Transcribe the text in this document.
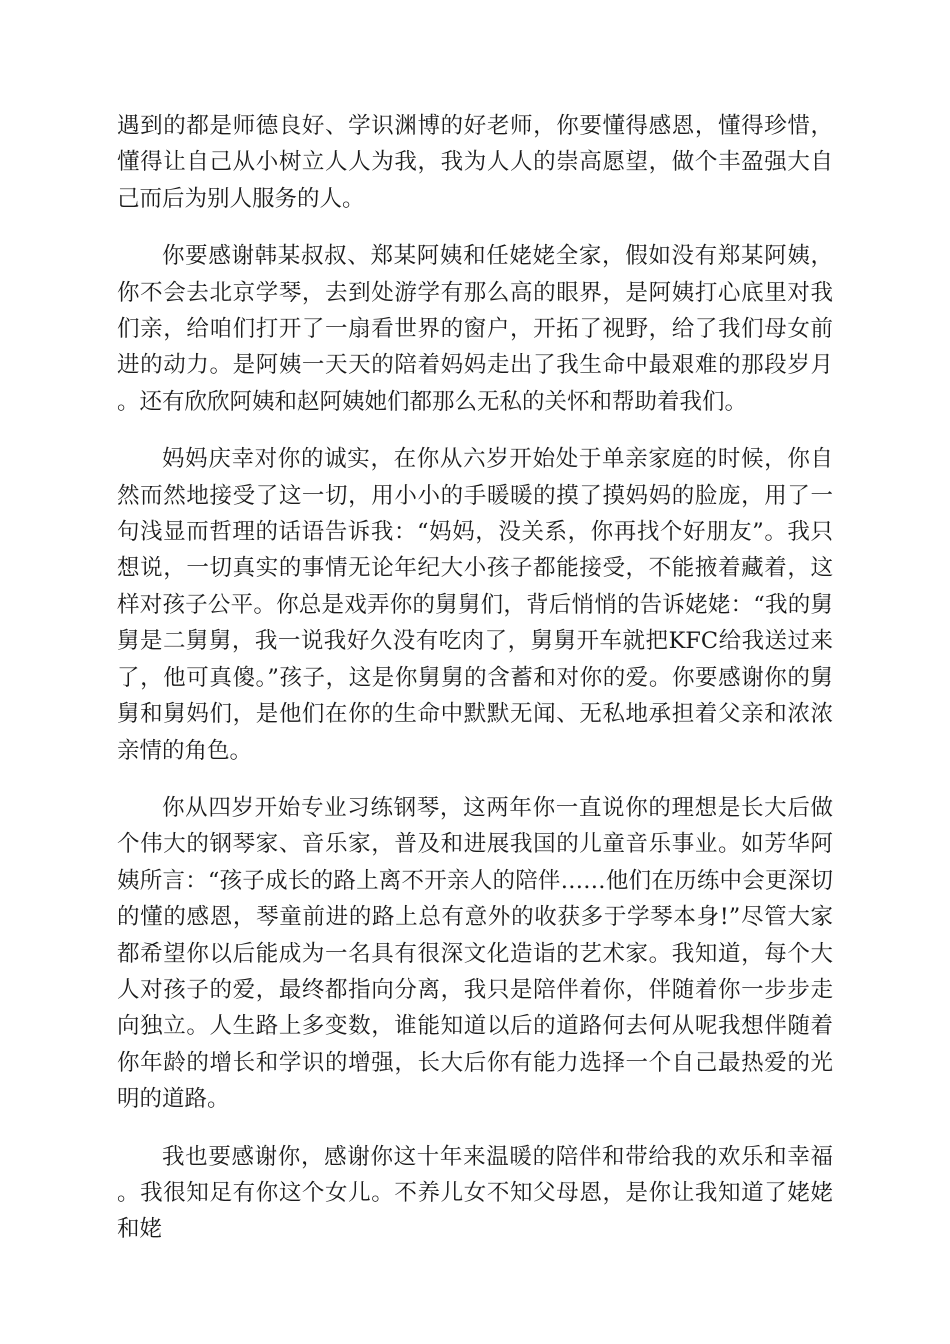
遇到的都是师德良好、学识渊博的好老师，你要懂得感恩，懂得珍惜，懂得让自己从小树立人人为我，我为人人的崇高愿望，做个丰盈强大自己而后为别人服务的人。

你要感谢韩某叔叔、郑某阿姨和任姥姥全家，假如没有郑某阿姨，你不会去北京学琴，去到处游学有那么高的眼界，是阿姨打心底里对我们亲，给咱们打开了一扇看世界的窗户，开拓了视野，给了我们母女前进的动力。是阿姨一天天的陪着妈妈走出了我生命中最艰难的那段岁月。还有欣欣阿姨和赵阿姨她们都那么无私的关怀和帮助着我们。

妈妈庆幸对你的诚实，在你从六岁开始处于单亲家庭的时候，你自然而然地接受了这一切，用小小的手暖暖的摸了摸妈妈的脸庞，用了一句浅显而哲理的话语告诉我：“妈妈，没关系，你再找个好朋友”。我只想说，一切真实的事情无论年纪大小孩子都能接受，不能掖着藏着，这样对孩子公平。你总是戏弄你的舅舅们，背后悄悄的告诉姥姥：“我的舅舅是二舅舅，我一说我好久没有吃肉了，舅舅开车就把KFC给我送过来了，他可真傻。”孩子，这是你舅舅的含蓄和对你的爱。你要感谢你的舅舅和舅妈们，是他们在你的生命中默默无闻、无私地承担着父亲和浓浓亲情的角色。

你从四岁开始专业习练钢琴，这两年你一直说你的理想是长大后做个伟大的钢琴家、音乐家，普及和进展我国的儿童音乐事业。如芳华阿姨所言：“孩子成长的路上离不开亲人的陪伴……他们在历练中会更深切的懂的感恩，琴童前进的路上总有意外的收获多于学琴本身!”尽管大家都希望你以后能成为一名具有很深文化造诣的艺术家。我知道，每个大人对孩子的爱，最终都指向分离，我只是陪伴着你，伴随着你一步步走向独立。人生路上多变数，谁能知道以后的道路何去何从呢我想伴随着你年龄的增长和学识的增强，长大后你有能力选择一个自己最热爱的光明的道路。

我也要感谢你，感谢你这十年来温暖的陪伴和带给我的欢乐和幸福。我很知足有你这个女儿。不养儿女不知父母恩，是你让我知道了姥姥和姥
